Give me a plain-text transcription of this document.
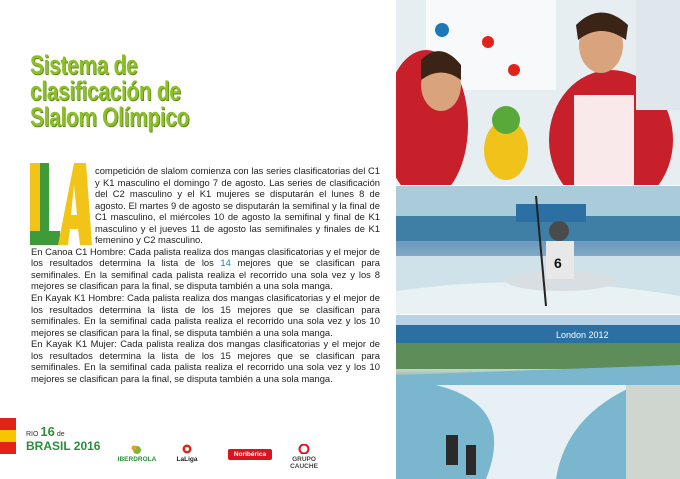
Sistema de
clasificación de
Slalom Olímpico

competición de slalom comienza con las series clasificatorias del C1 y K1 masculino el domingo 7 de agosto. Las series de clasificación del C2 masculino y el K1 mujeres se disputarán el lunes 8 de agosto. El martes 9 de agosto se disputarán la semifinal y la final de C1 masculino, el miércoles 10 de agosto la semifinal y final de K1 masculino y el jueves 11 de agosto las semifinales y finales de K1 femenino y C2 masculino.

En Canoa C1 Hombre: Cada palista realiza dos mangas clasificatorias y el mejor de los resultados determina la lista de los 14 mejores que se clasifican para semifinales. En la semifinal cada palista realiza el recorrido una sola vez y los 8 mejores se clasifican para la final, se disputa también a una sola manga.

En Kayak K1 Hombre: Cada palista realiza dos mangas clasificatorias y el mejor de los resultados determina la lista de los 15 mejores que se clasifican para semifinales. En la semifinal cada palista realiza el recorrido una sola vez y los 10 mejores se clasifican para la final, se disputa también a una sola manga.

En Kayak K1 Mujer: Cada palista realiza dos mangas clasificatorias y el mejor de los resultados determina la lista de los 15 mejores que se clasifican para semifinales. En la semifinal cada palista realiza el recorrido una sola vez y los 10 mejores se clasifican para la final, se disputa también a una sola manga.

RIO 16 de
BRASIL 2016

IBERDROLA	LaLiga
Noribérica

GRUPO CAUCHE
6
London 2012
